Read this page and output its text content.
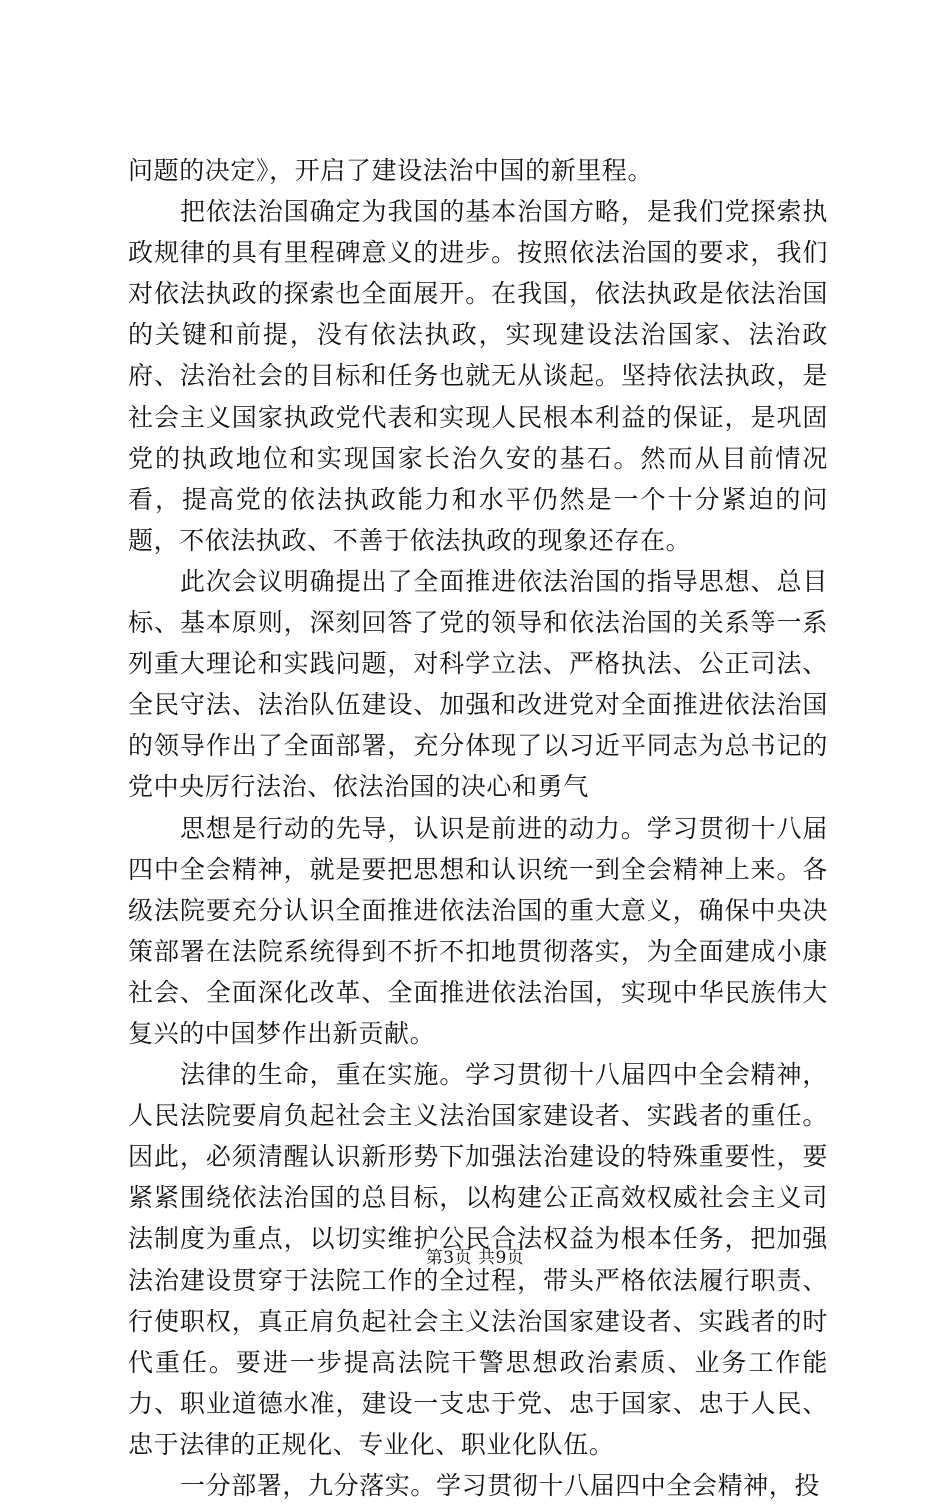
问题的决定》，开启了建设法治中国的新里程。

把依法治国确定为我国的基本治国方略，是我们党探索执政规律的具有里程碑意义的进步。按照依法治国的要求，我们对依法执政的探索也全面展开。在我国，依法执政是依法治国的关键和前提，没有依法执政，实现建设法治国家、法治政府、法治社会的目标和任务也就无从谈起。坚持依法执政，是社会主义国家执政党代表和实现人民根本利益的保证，是巩固党的执政地位和实现国家长治久安的基石。然而从目前情况看，提高党的依法执政能力和水平仍然是一个十分紧迫的问题，不依法执政、不善于依法执政的现象还存在。

此次会议明确提出了全面推进依法治国的指导思想、总目标、基本原则，深刻回答了党的领导和依法治国的关系等一系列重大理论和实践问题，对科学立法、严格执法、公正司法、全民守法、法治队伍建设、加强和改进党对全面推进依法治国的领导作出了全面部署，充分体现了以习近平同志为总书记的党中央厉行法治、依法治国的决心和勇气

思想是行动的先导，认识是前进的动力。学习贯彻十八届四中全会精神，就是要把思想和认识统一到全会精神上来。各级法院要充分认识全面推进依法治国的重大意义，确保中央决策部署在法院系统得到不折不扣地贯彻落实，为全面建成小康社会、全面深化改革、全面推进依法治国，实现中华民族伟大复兴的中国梦作出新贡献。

法律的生命，重在实施。学习贯彻十八届四中全会精神，人民法院要肩负起社会主义法治国家建设者、实践者的重任。因此，必须清醒认识新形势下加强法治建设的特殊重要性，要紧紧围绕依法治国的总目标，以构建公正高效权威社会主义司法制度为重点，以切实维护公民合法权益为根本任务，把加强法治建设贯穿于法院工作的全过程，带头严格依法履行职责、行使职权，真正肩负起社会主义法治国家建设者、实践者的时代重任。要进一步提高法院干警思想政治素质、业务工作能力、职业道德水准，建设一支忠于党、忠于国家、忠于人民、忠于法律的正规化、专业化、职业化队伍。

一分部署，九分落实。学习贯彻十八届四中全会精神，投

第3页 共9页
